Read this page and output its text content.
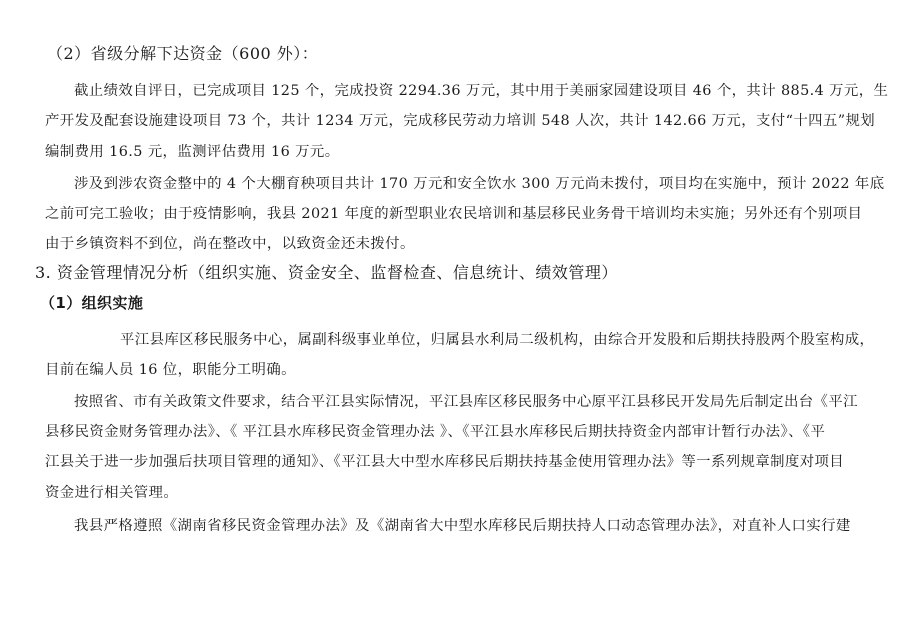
（2）省级分解下达资金（600 外）：
截止绩效自评日，已完成项目 125 个，完成投资 2294.36 万元，其中用于美丽家园建设项目 46 个，共计 885.4 万元，生
产开发及配套设施建设项目 73 个，共计 1234 万元，完成移民劳动力培训 548 人次，共计 142.66 万元，支付“十四五”规划
编制费用 16.5 元，监测评估费用 16 万元。
涉及到涉农资金整中的 4 个大棚育秧项目共计 170 万元和安全饮水 300 万元尚未拨付，项目均在实施中，预计 2022 年底
之前可完工验收；由于疫情影响，我县 2021 年度的新型职业农民培训和基层移民业务骨干培训均未实施；另外还有个别项目
由于乡镇资料不到位，尚在整改中，以致资金还未拨付。
3. 资金管理情况分析（组织实施、资金安全、监督检查、信息统计、绩效管理）
（1）组织实施
平江县库区移民服务中心，属副科级事业单位，归属县水利局二级机构，由综合开发股和后期扶持股两个股室构成，
目前在编人员 16 位，职能分工明确。
按照省、市有关政策文件要求，结合平江县实际情况，平江县库区移民服务中心原平江县移民开发局先后制定出台《平江
县移民资金财务管理办法》、《 平江县水库移民资金管理办法 》、《平江县水库移民后期扶持资金内部审计暂行办法》、《平
江县关于进一步加强后扶项目管理的通知》、《平江县大中型水库移民后期扶持基金使用管理办法》等一系列规章制度对项目
资金进行相关管理。
我县严格遵照《湖南省移民资金管理办法》及《湖南省大中型水库移民后期扶持人口动态管理办法》，对直补人口实行建
